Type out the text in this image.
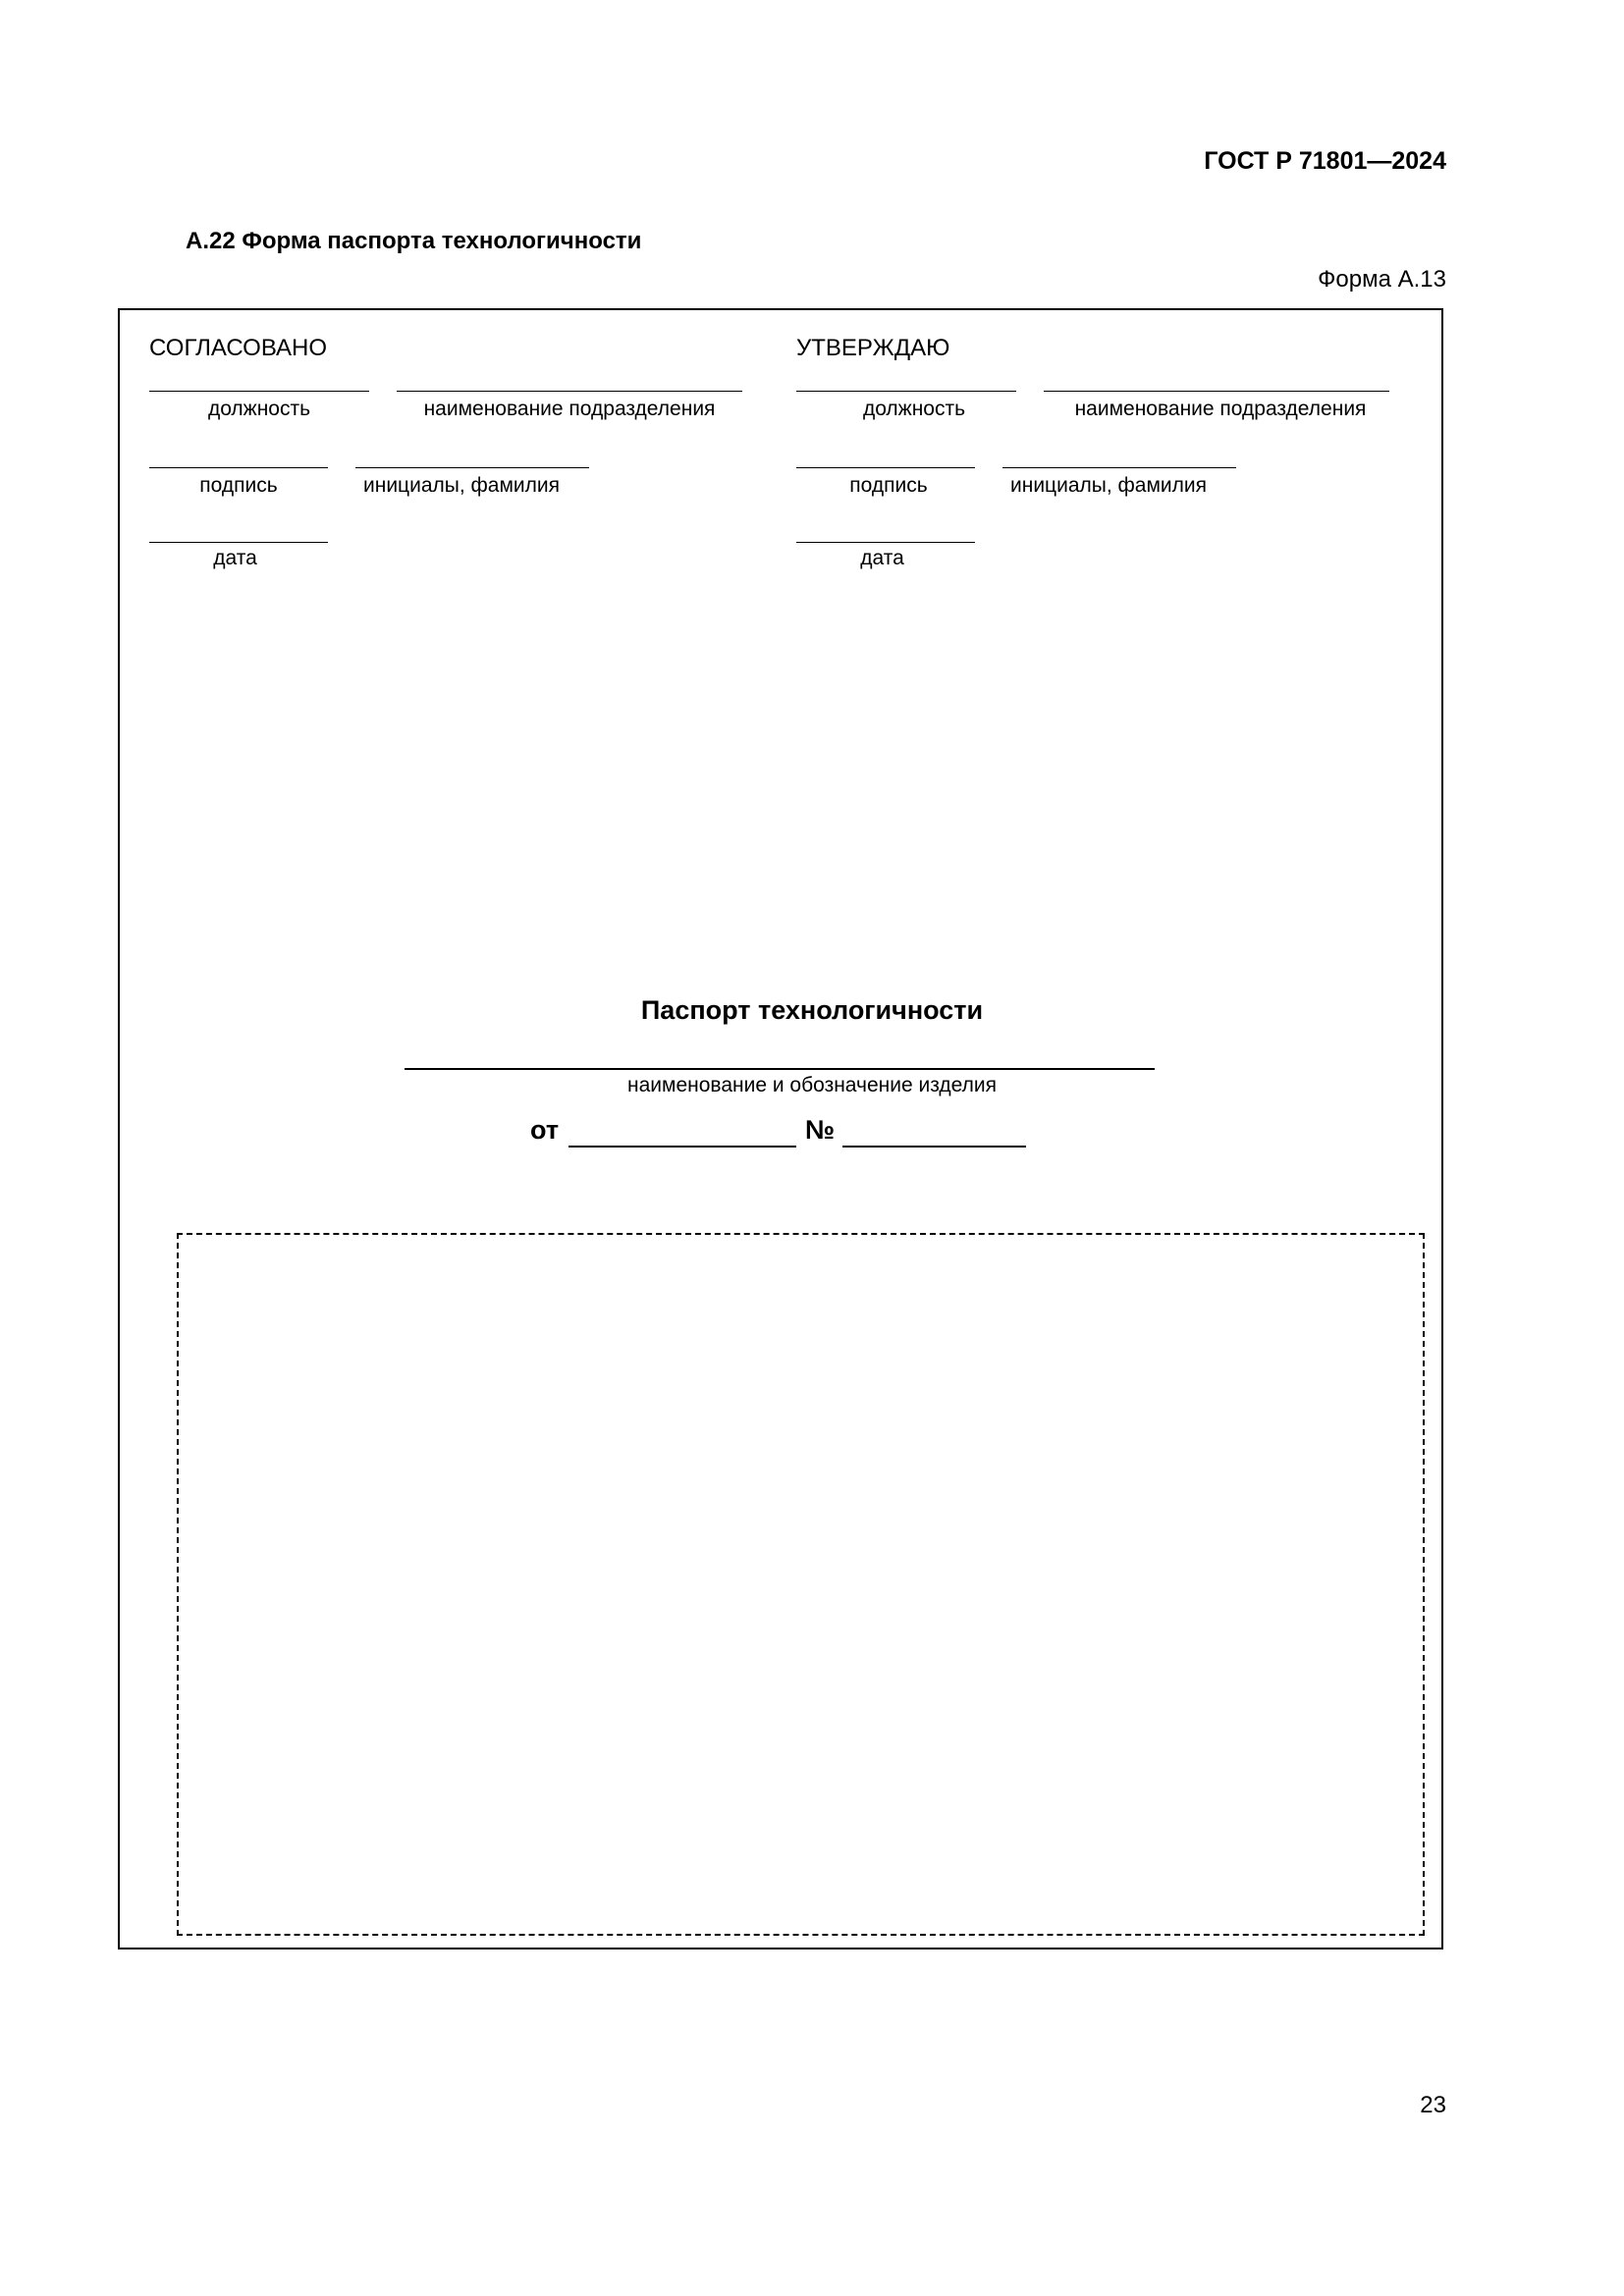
ГОСТ Р 71801—2024
А.22 Форма паспорта технологичности
Форма А.13
СОГЛАСОВАНО
должность	наименование подразделения
подпись	инициалы, фамилия
дата
УТВЕРЖДАЮ
должность	наименование подразделения
подпись	инициалы, фамилия
дата
Паспорт технологичности
наименование и обозначение изделия
от	№
23
